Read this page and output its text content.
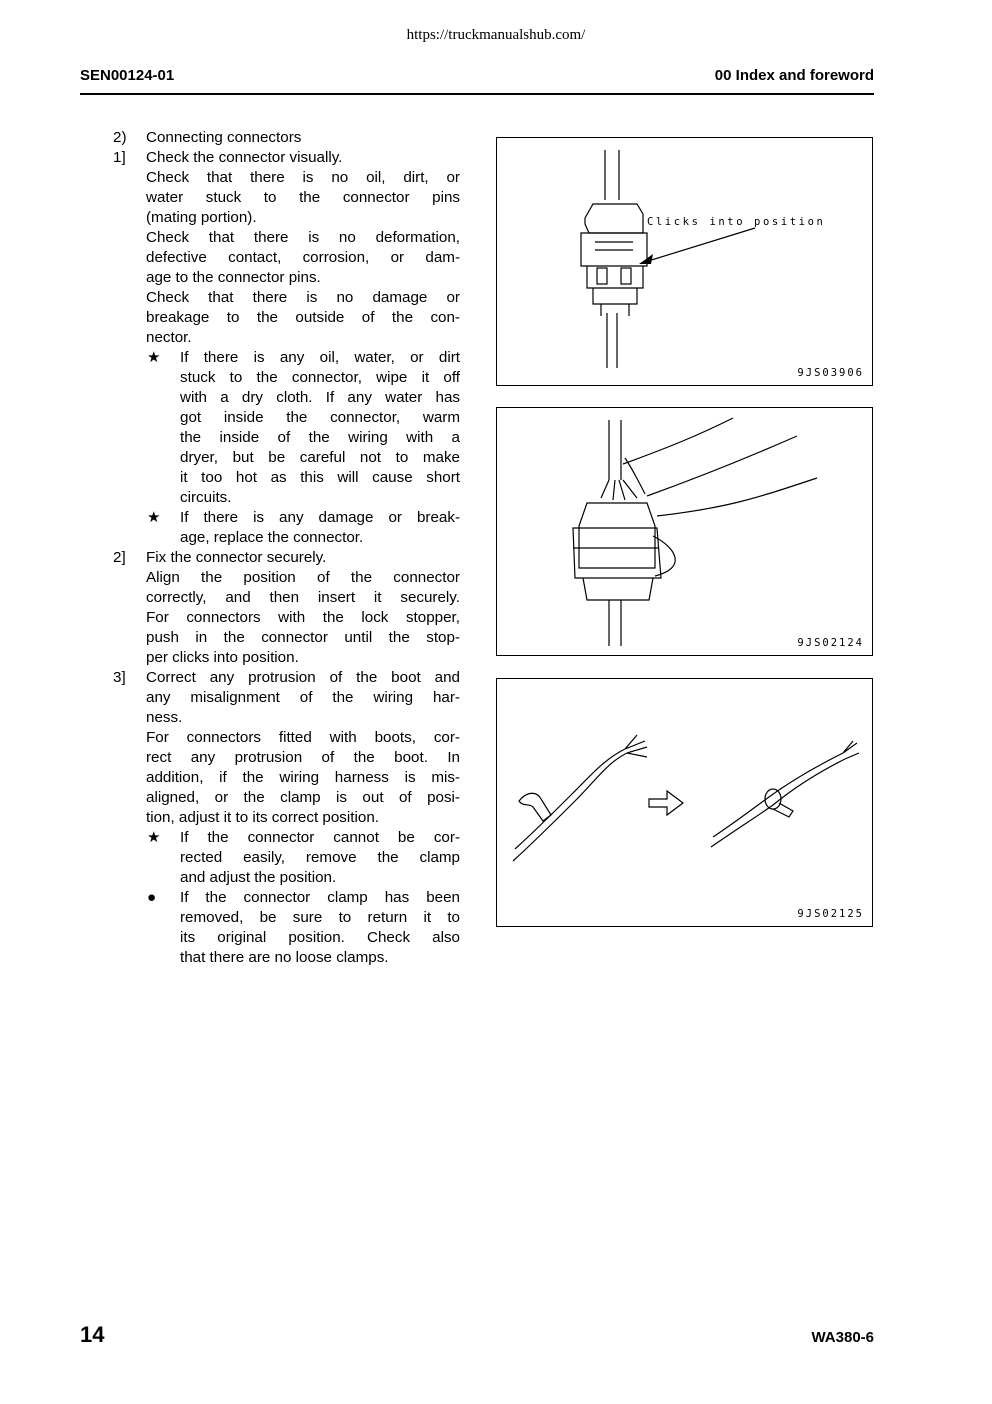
https://truckmanualshub.com/
SEN00124-01	00 Index and foreword
2)	Connecting connectors
1]	Check the connector visually.
Check that there is no oil, dirt, or
water stuck to the connector pins
(mating portion).
Check that there is no deformation,
defective contact, corrosion, or dam-
age to the connector pins.
Check that there is no damage or
breakage to the outside of the con-
nector.
★	If there is any oil, water, or dirt
stuck to the connector, wipe it off
with a dry cloth. If any water has
got inside the connector, warm
the inside of the wiring with a
dryer, but be careful not to make
it too hot as this will cause short
circuits.
★	If there is any damage or break-
age, replace the connector.
2]	Fix the connector securely.
Align the position of the connector
correctly, and then insert it securely.
For connectors with the lock stopper,
push in the connector until the stop-
per clicks into position.
3]	Correct any protrusion of the boot and
any misalignment of the wiring har-
ness.
For connectors fitted with boots, cor-
rect any protrusion of the boot. In
addition, if the wiring harness is mis-
aligned, or the clamp is out of posi-
tion, adjust it to its correct position.
★	If the connector cannot be cor-
rected easily, remove the clamp
and adjust the position.
●	If the connector clamp has been
removed, be sure to return it to
its original position. Check also
that there are no loose clamps.
Clicks into position
9JS03906
9JS02124
9JS02125
14	WA380-6
